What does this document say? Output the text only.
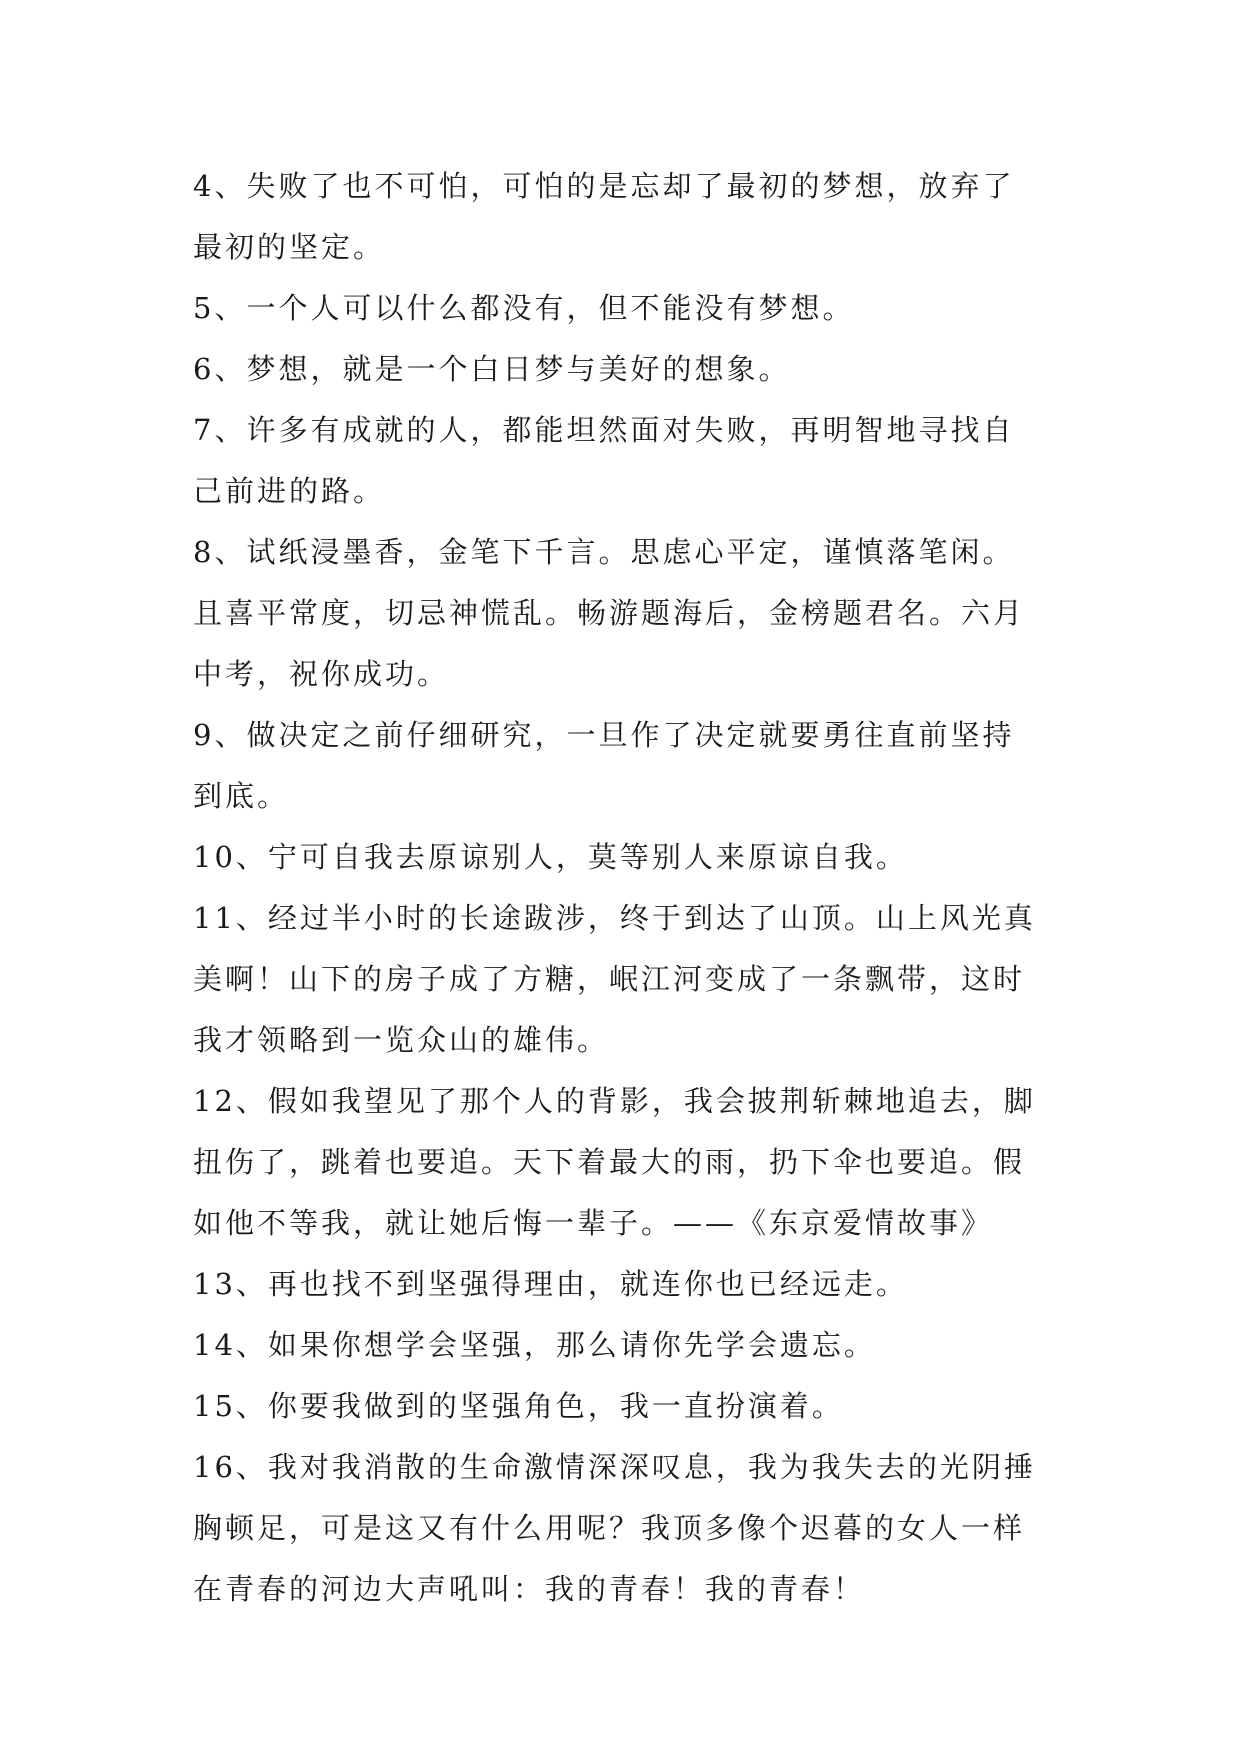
4、失败了也不可怕，可怕的是忘却了最初的梦想，放弃了
最初的坚定。
5、一个人可以什么都没有，但不能没有梦想。
6、梦想，就是一个白日梦与美好的想象。
7、许多有成就的人，都能坦然面对失败，再明智地寻找自
己前进的路。
8、试纸浸墨香，金笔下千言。思虑心平定，谨慎落笔闲。
且喜平常度，切忌神慌乱。畅游题海后，金榜题君名。六月
中考，祝你成功。
9、做决定之前仔细研究，一旦作了决定就要勇往直前坚持
到底。
10、宁可自我去原谅别人，莫等别人来原谅自我。
11、经过半小时的长途跋涉，终于到达了山顶。山上风光真
美啊！山下的房子成了方糖，岷江河变成了一条飘带，这时
我才领略到一览众山的雄伟。
12、假如我望见了那个人的背影，我会披荆斩棘地追去，脚
扭伤了，跳着也要追。天下着最大的雨，扔下伞也要追。假
如他不等我，就让她后悔一辈子。——《东京爱情故事》
13、再也找不到坚强得理由，就连你也已经远走。
14、如果你想学会坚强，那么请你先学会遗忘。
15、你要我做到的坚强角色，我一直扮演着。
16、我对我消散的生命激情深深叹息，我为我失去的光阴捶
胸顿足，可是这又有什么用呢？我顶多像个迟暮的女人一样
在青春的河边大声吼叫：我的青春！我的青春！
